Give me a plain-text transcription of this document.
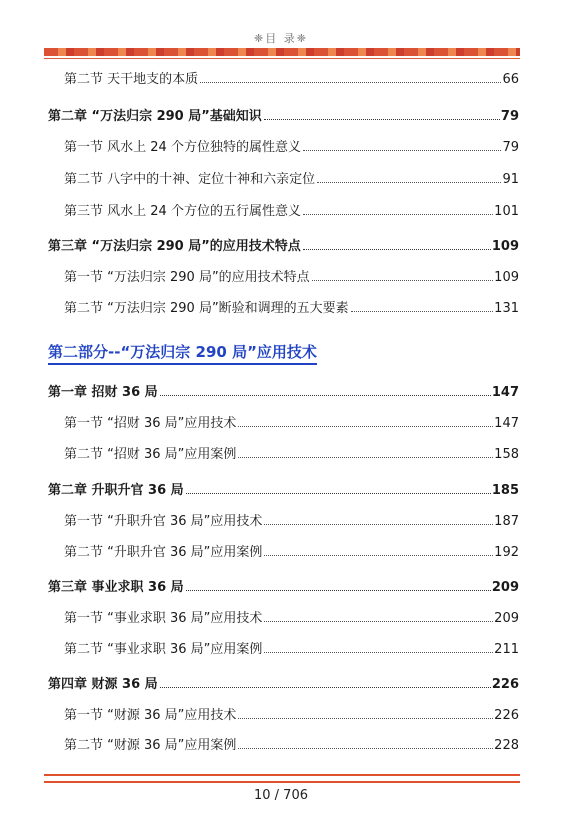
❈目 录❈
第二节 天干地支的本质	66
第二章 “万法归宗 290 局”基础知识	79
第一节 风水上 24 个方位独特的属性意义	79
第二节 八字中的十神、定位十神和六亲定位	91
第三节 风水上 24 个方位的五行属性意义	101
第三章 “万法归宗 290 局”的应用技术特点	109
第一节 “万法归宗 290 局”的应用技术特点	109
第二节 “万法归宗 290 局”断验和调理的五大要素	131
第二部分--“万法归宗 290 局”应用技术
第一章 招财 36 局	147
第一节 “招财 36 局”应用技术	147
第二节 “招财 36 局”应用案例	158
第二章 升职升官 36 局	185
第一节 “升职升官 36 局”应用技术	187
第二节 “升职升官 36 局”应用案例	192
第三章 事业求职 36 局	209
第一节 “事业求职 36 局”应用技术	209
第二节 “事业求职 36 局”应用案例	211
第四章 财源 36 局	226
第一节 “财源 36 局”应用技术	226
第二节 “财源 36 局”应用案例	228
10 / 706
